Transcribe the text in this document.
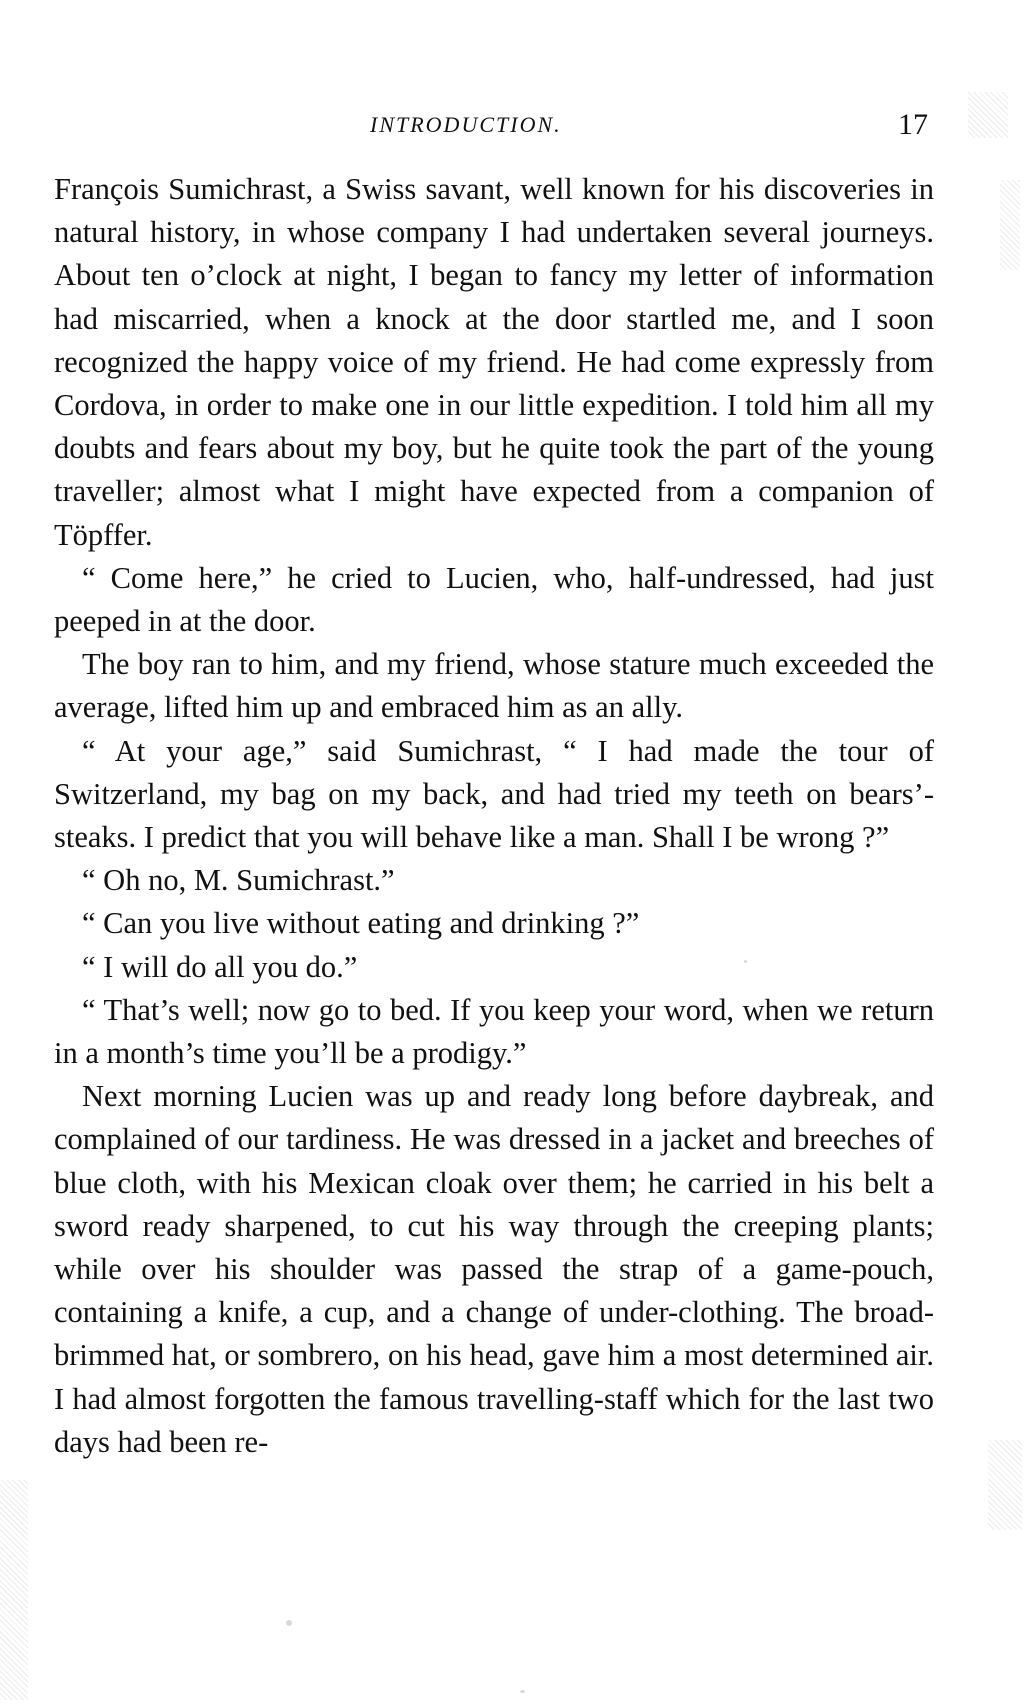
INTRODUCTION.	17

François Sumichrast, a Swiss savant, well known for his discoveries in natural history, in whose company I had undertaken several journeys. About ten o’clock at night, I began to fancy my letter of information had miscarried, when a knock at the door startled me, and I soon recognized the happy voice of my friend. He had come expressly from Cordova, in order to make one in our little expedition. I told him all my doubts and fears about my boy, but he quite took the part of the young traveller; almost what I might have expected from a companion of Töpffer.

“ Come here,” he cried to Lucien, who, half-undressed, had just peeped in at the door.

The boy ran to him, and my friend, whose stature much exceeded the average, lifted him up and embraced him as an ally.

“ At your age,” said Sumichrast, “ I had made the tour of Switzerland, my bag on my back, and had tried my teeth on bears’-steaks. I predict that you will behave like a man. Shall I be wrong ?”

“ Oh no, M. Sumichrast.”

“ Can you live without eating and drinking ?”

“ I will do all you do.”

“ That’s well; now go to bed. If you keep your word, when we return in a month’s time you’ll be a prodigy.”

Next morning Lucien was up and ready long before daybreak, and complained of our tardiness. He was dressed in a jacket and breeches of blue cloth, with his Mexican cloak over them; he carried in his belt a sword ready sharpened, to cut his way through the creeping plants; while over his shoulder was passed the strap of a game-pouch, containing a knife, a cup, and a change of under-clothing. The broad-brimmed hat, or sombrero, on his head, gave him a most determined air. I had almost forgotten the famous travelling-staff which for the last two days had been re-
